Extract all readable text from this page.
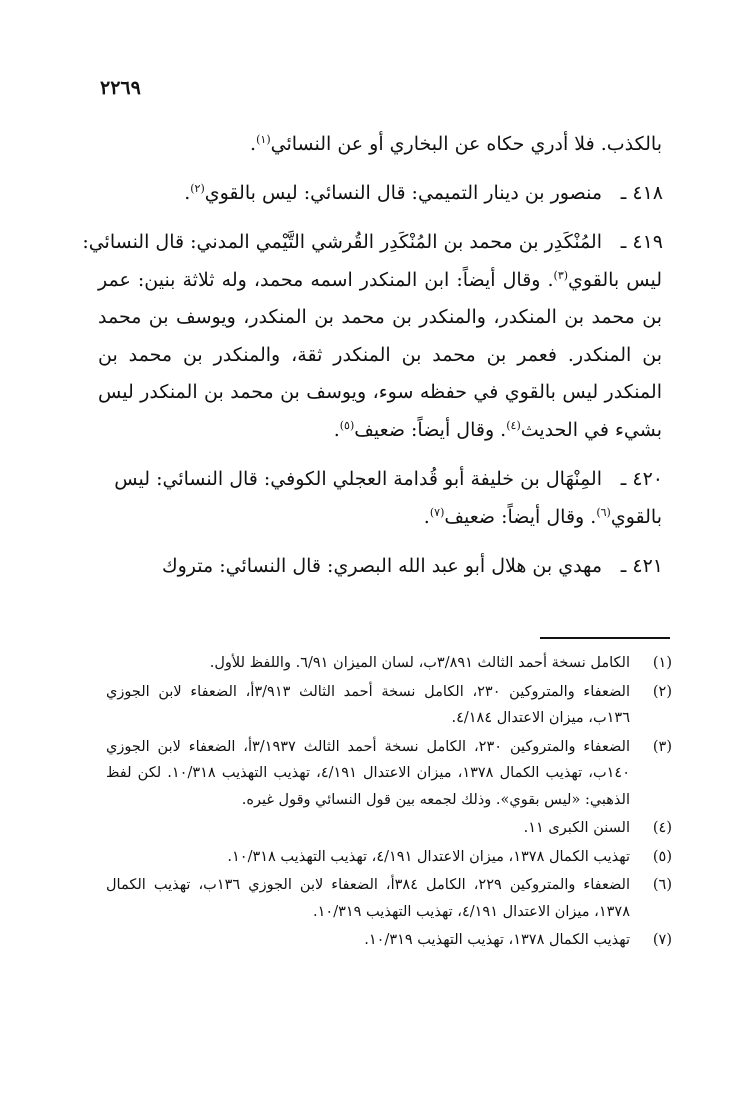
٢٢٦٩

بالكذب. فلا أدري حكاه عن البخاري أو عن النسائي$^{(١)}$.

٤١٨ ـ
منصور بن دينار التميمي: قال النسائي: ليس بالقوي$^{(٢)}$.
٤١٩ ـ
المُنْكَدِر بن محمد بن المُنْكَدِر القُرشي التَّيْمي المدني: قال النسائي:
ليس بالقوي$^{(٣)}$. وقال أيضاً: ابن المنكدر اسمه محمد، وله ثلاثة بنين: عمر بن محمد بن المنكدر، والمنكدر بن محمد بن المنكدر، ويوسف بن محمد بن المنكدر. فعمر بن محمد بن المنكدر ثقة، والمنكدر بن محمد بن المنكدر ليس بالقوي في حفظه سوء، ويوسف بن محمد بن المنكدر ليس بشيء في الحديث$^{(٤)}$. وقال أيضاً: ضعيف$^{(٥)}$.
٤٢٠ ـ
المِنْهَال بن خليفة أبو قُدامة العجلي الكوفي: قال النسائي: ليس
بالقوي$^{(٦)}$. وقال أيضاً: ضعيف$^{(٧)}$.
٤٢١ ـ
مهدي بن هلال أبو عبد الله البصري: قال النسائي: متروك
(١)
الكامل نسخة أحمد الثالث ٣/٨٩١ب، لسان الميزان ٦/٩١. واللفظ للأول.
(٢)
الضعفاء والمتروكين ٢٣٠، الكامل نسخة أحمد الثالث ٣/٩١٣أ، الضعفاء لابن الجوزي ١٣٦ب، ميزان الاعتدال ٤/١٨٤.
(٣)
الضعفاء والمتروكين ٢٣٠، الكامل نسخة أحمد الثالث ٣/١٩٣٧أ، الضعفاء لابن الجوزي ١٤٠ب، تهذيب الكمال ١٣٧٨، ميزان الاعتدال ٤/١٩١، تهذيب التهذيب ١٠/٣١٨. لكن لفظ الذهبي: «ليس بقوي». وذلك لجمعه بين قول النسائي وقول غيره.
(٤)
السنن الكبرى ١١.
(٥)
تهذيب الكمال ١٣٧٨، ميزان الاعتدال ٤/١٩١، تهذيب التهذيب ١٠/٣١٨.
(٦)
الضعفاء والمتروكين ٢٢٩، الكامل ٣٨٤أ، الضعفاء لابن الجوزي ١٣٦ب، تهذيب الكمال ١٣٧٨، ميزان الاعتدال ٤/١٩١، تهذيب التهذيب ١٠/٣١٩.
(٧)
تهذيب الكمال ١٣٧٨، تهذيب التهذيب ١٠/٣١٩.
